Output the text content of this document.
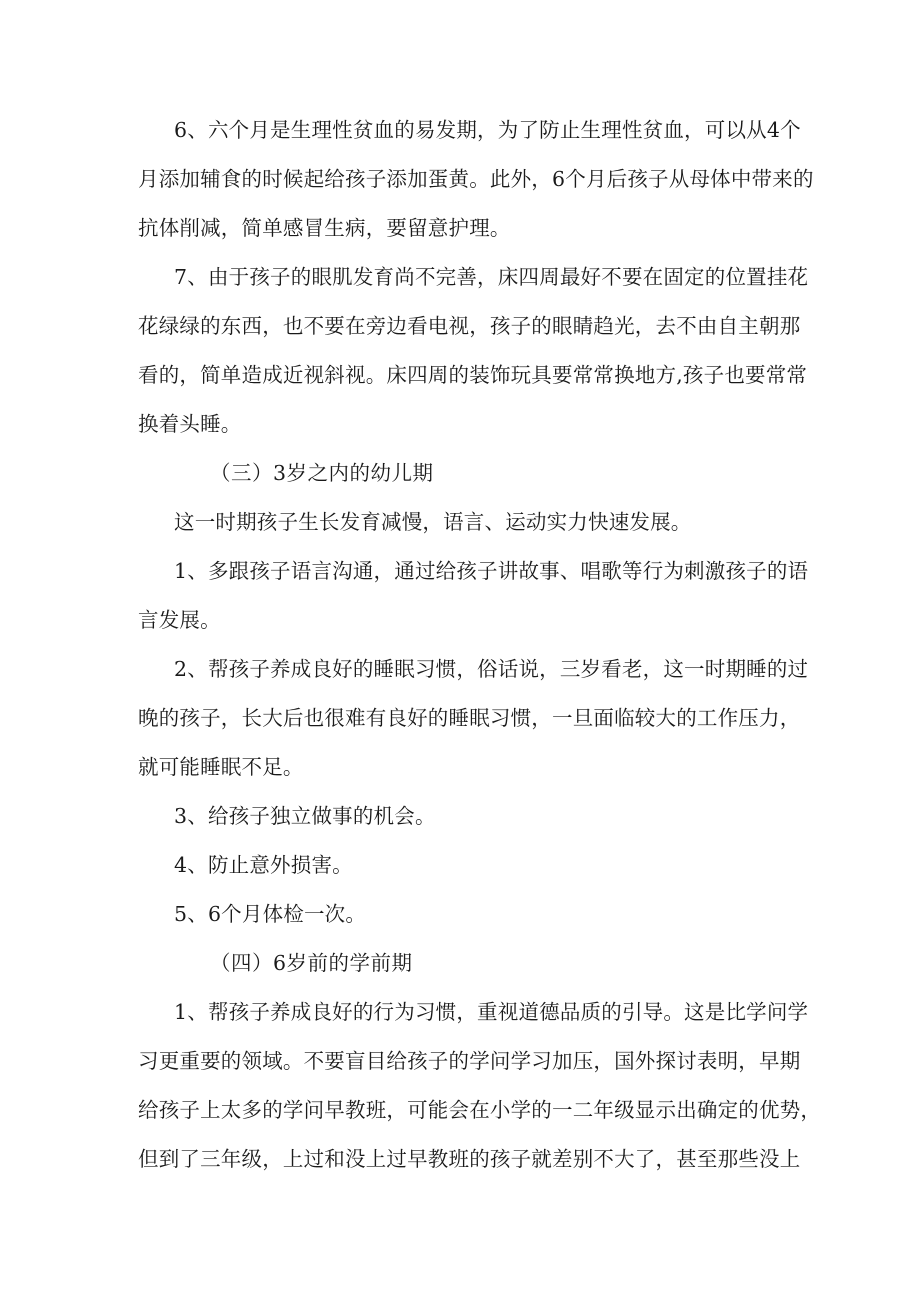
6、六个月是生理性贫血的易发期，为了防止生理性贫血，可以从4个
月添加辅食的时候起给孩子添加蛋黄。此外，6个月后孩子从母体中带来的
抗体削减，简单感冒生病，要留意护理。
7、由于孩子的眼肌发育尚不完善，床四周最好不要在固定的位置挂花
花绿绿的东西，也不要在旁边看电视，孩子的眼睛趋光，去不由自主朝那
看的，简单造成近视斜视。床四周的装饰玩具要常常换地方,孩子也要常常
换着头睡。
（三）3岁之内的幼儿期
这一时期孩子生长发育减慢，语言、运动实力快速发展。
1、多跟孩子语言沟通，通过给孩子讲故事、唱歌等行为刺激孩子的语
言发展。
2、帮孩子养成良好的睡眠习惯，俗话说，三岁看老，这一时期睡的过
晚的孩子，长大后也很难有良好的睡眠习惯，一旦面临较大的工作压力，
就可能睡眠不足。
3、给孩子独立做事的机会。
4、防止意外损害。
5、6个月体检一次。
（四）6岁前的学前期
1、帮孩子养成良好的行为习惯，重视道德品质的引导。这是比学问学
习更重要的领域。不要盲目给孩子的学问学习加压，国外探讨表明，早期
给孩子上太多的学问早教班，可能会在小学的一二年级显示出确定的优势，
但到了三年级，上过和没上过早教班的孩子就差别不大了，甚至那些没上
